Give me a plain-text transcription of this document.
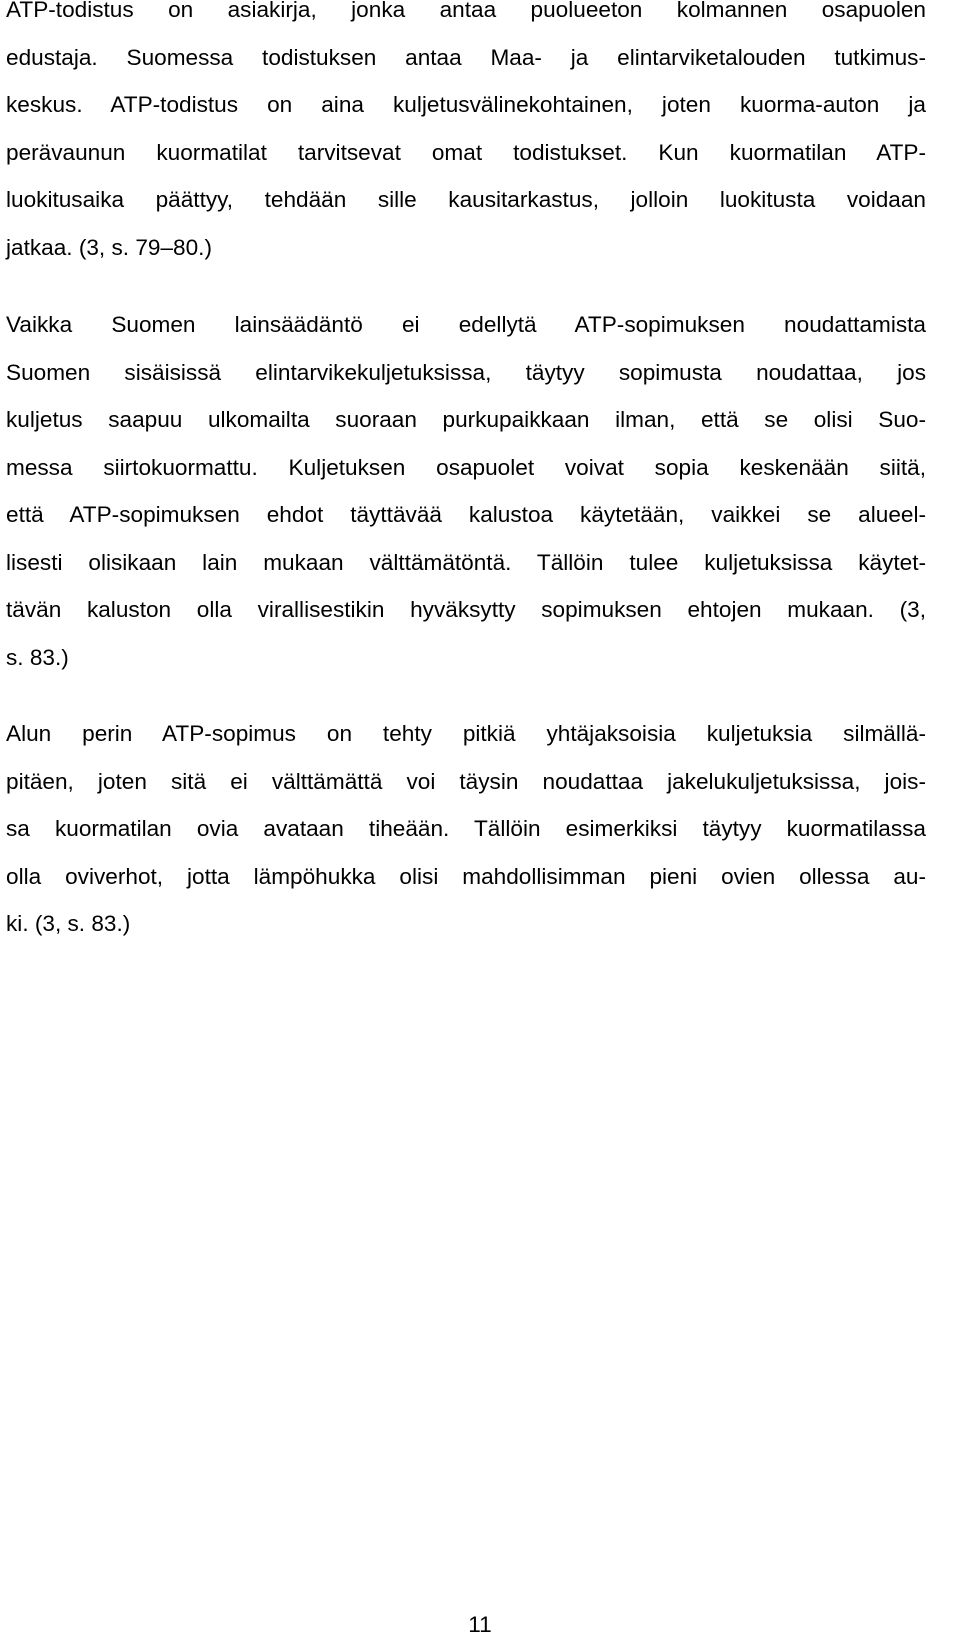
ATP-todistus on asiakirja, jonka antaa puolueeton kolmannen osapuolen
edustaja. Suomessa todistuksen antaa Maa- ja elintarviketalouden tutkimus-
keskus. ATP-todistus on aina kuljetusvälinekohtainen, joten kuorma-auton ja
perävaunun kuormatilat tarvitsevat omat todistukset. Kun kuormatilan ATP-
luokitusaika päättyy, tehdään sille kausitarkastus, jolloin luokitusta voidaan
jatkaa. (3, s. 79–80.)
Vaikka Suomen lainsäädäntö ei edellytä ATP-sopimuksen noudattamista
Suomen sisäisissä elintarvikekuljetuksissa, täytyy sopimusta noudattaa, jos
kuljetus saapuu ulkomailta suoraan purkupaikkaan ilman, että se olisi Suo-
messa siirtokuormattu. Kuljetuksen osapuolet voivat sopia keskenään siitä,
että ATP-sopimuksen ehdot täyttävää kalustoa käytetään, vaikkei se alueel-
lisesti olisikaan lain mukaan välttämätöntä. Tällöin tulee kuljetuksissa käytet-
tävän kaluston olla virallisestikin hyväksytty sopimuksen ehtojen mukaan. (3,
s. 83.)
Alun perin ATP-sopimus on tehty pitkiä yhtäjaksoisia kuljetuksia silmällä-
pitäen, joten sitä ei välttämättä voi täysin noudattaa jakelukuljetuksissa, jois-
sa kuormatilan ovia avataan tiheään. Tällöin esimerkiksi täytyy kuormatilassa
olla oviverhot, jotta lämpöhukka olisi mahdollisimman pieni ovien ollessa au-
ki. (3, s. 83.)
11
